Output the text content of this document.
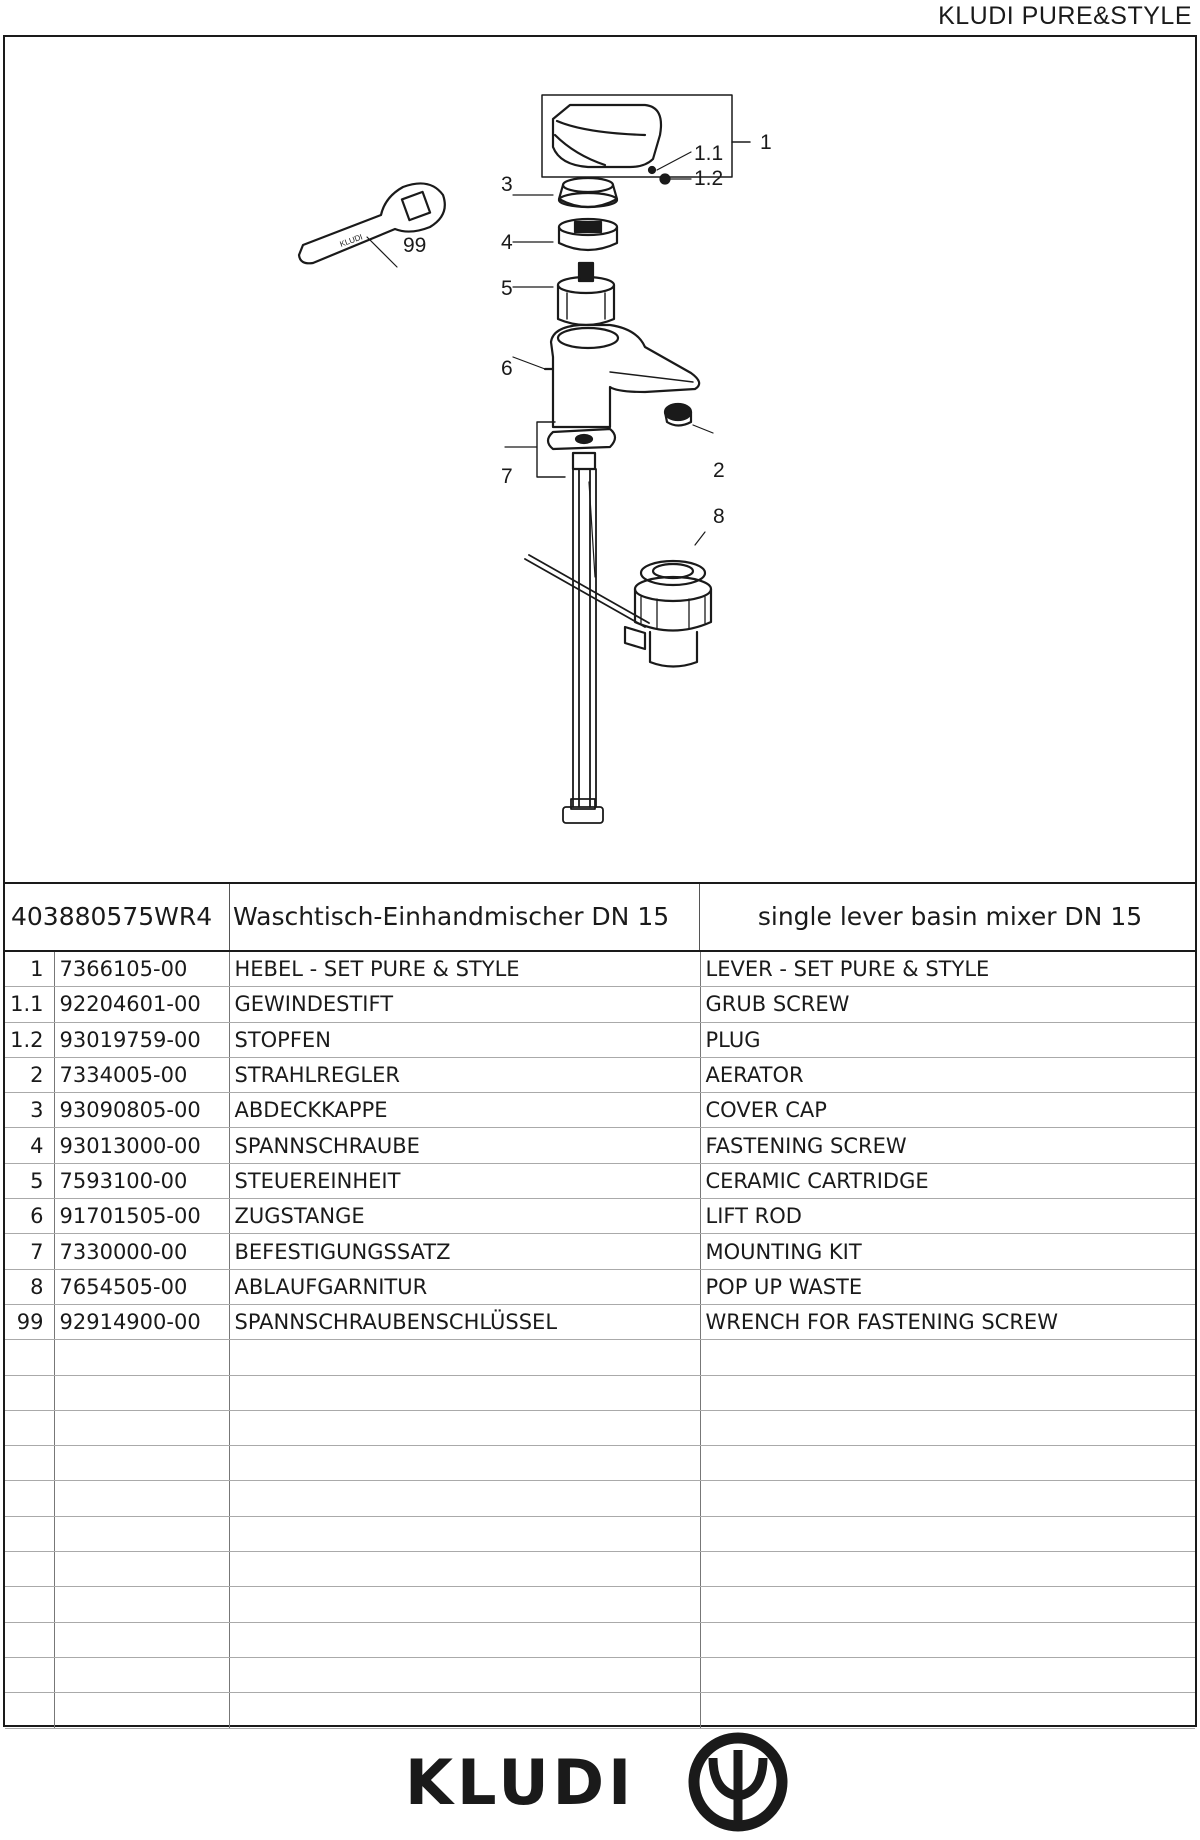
KLUDI PURE&STYLE
KLUDI
1
1.1
1.2
3
4
5
6
7	2
8
99
403880575WR4 Waschtisch-Einhandmischer DN 15	single lever basin mixer DN 15
1	7366105-00	HEBEL - SET PURE & STYLE	LEVER - SET PURE & STYLE
1.1	92204601-00	GEWINDESTIFT	GRUB SCREW
1.2	93019759-00	STOPFEN	PLUG
2	7334005-00	STRAHLREGLER	AERATOR
3	93090805-00	ABDECKKAPPE	COVER CAP
4	93013000-00	SPANNSCHRAUBE	FASTENING SCREW
5	7593100-00	STEUEREINHEIT	CERAMIC CARTRIDGE
6	91701505-00	ZUGSTANGE	LIFT ROD
7	7330000-00	BEFESTIGUNGSSATZ	MOUNTING KIT
8	7654505-00	ABLAUFGARNITUR	POP UP WASTE
99	92914900-00	SPANNSCHRAUBENSCHLÜSSEL	WRENCH FOR FASTENING SCREW

KLUDI
